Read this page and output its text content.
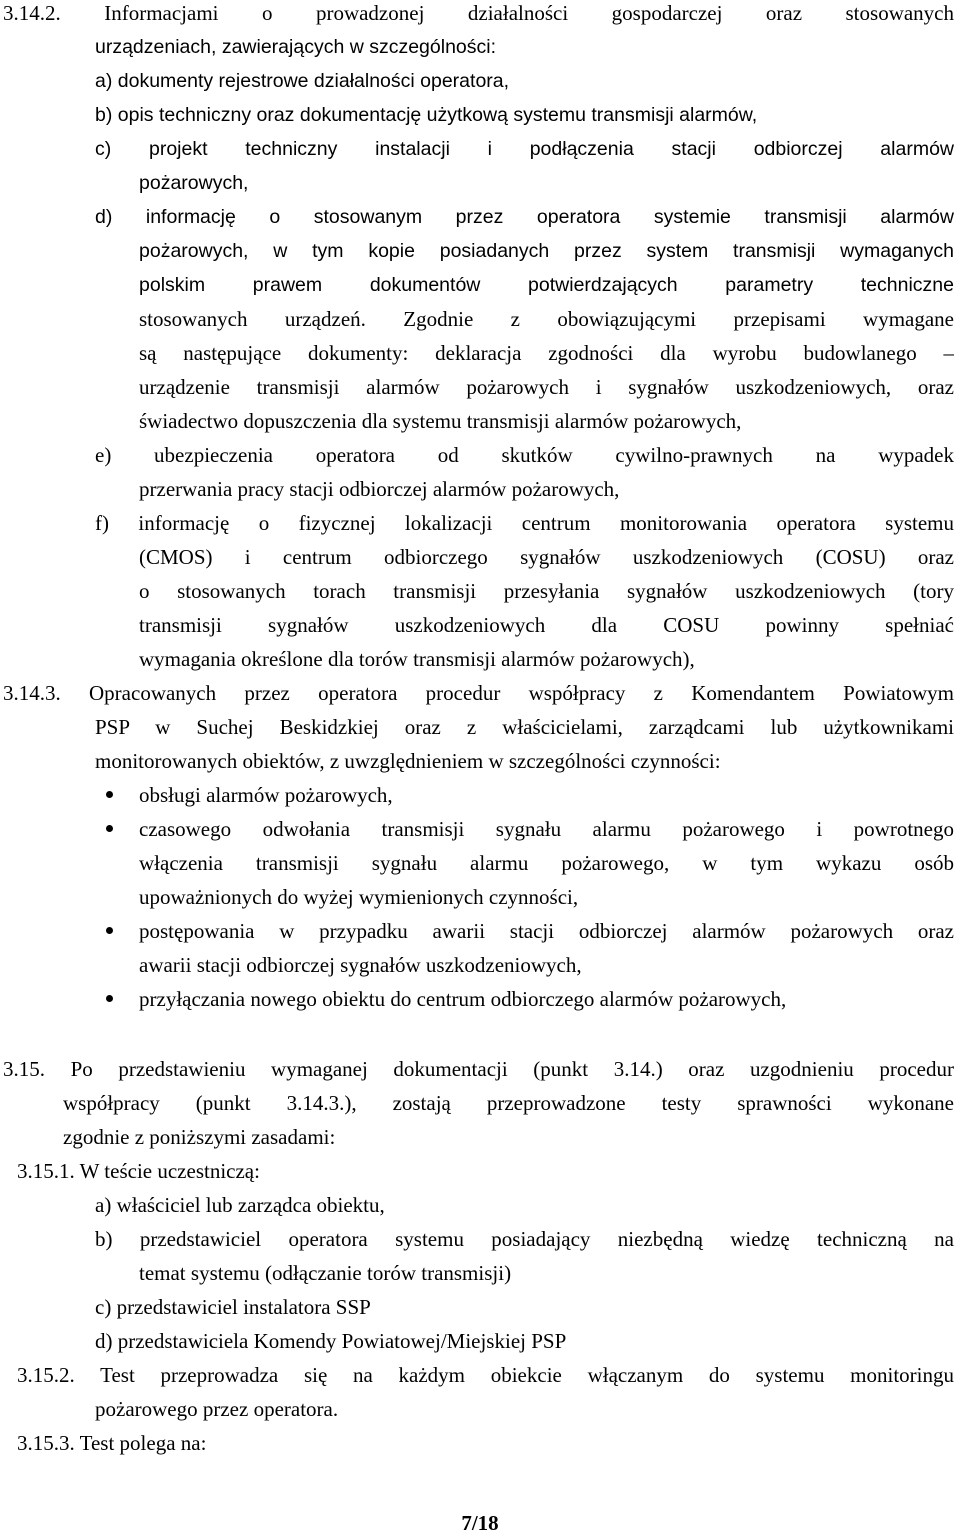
3.14.2. Informacjami o prowadzonej działalności gospodarczej oraz stosowanych
urządzeniach, zawierających w szczególności:
a) dokumenty rejestrowe działalności operatora,
b) opis techniczny oraz dokumentację użytkową systemu transmisji alarmów,
c) projekt techniczny instalacji i podłączenia stacji odbiorczej alarmów
pożarowych,
d) informację o stosowanym przez operatora systemie transmisji alarmów
pożarowych, w tym kopie posiadanych przez system transmisji wymaganych
polskim prawem dokumentów potwierdzających parametry techniczne
stosowanych urządzeń. Zgodnie z obowiązującymi przepisami wymagane
są następujące dokumenty: deklaracja zgodności dla wyrobu budowlanego –
urządzenie transmisji alarmów pożarowych i sygnałów uszkodzeniowych, oraz
świadectwo dopuszczenia dla systemu transmisji alarmów pożarowych,
e) ubezpieczenia operatora od skutków cywilno-prawnych na wypadek
przerwania pracy stacji odbiorczej alarmów pożarowych,
f) informację o fizycznej lokalizacji centrum monitorowania operatora systemu
(CMOS) i centrum odbiorczego sygnałów uszkodzeniowych (COSU) oraz
o stosowanych torach transmisji przesyłania sygnałów uszkodzeniowych (tory
transmisji sygnałów uszkodzeniowych dla COSU powinny spełniać
wymagania określone dla torów transmisji alarmów pożarowych),
3.14.3. Opracowanych przez operatora procedur współpracy z Komendantem Powiatowym
PSP w Suchej Beskidzkiej oraz z właścicielami, zarządcami lub użytkownikami
monitorowanych obiektów, z uwzględnieniem w szczególności czynności:
obsługi alarmów pożarowych,
czasowego odwołania transmisji sygnału alarmu pożarowego i powrotnego
włączenia transmisji sygnału alarmu pożarowego, w tym wykazu osób
upoważnionych do wyżej wymienionych czynności,
postępowania w przypadku awarii stacji odbiorczej alarmów pożarowych oraz
awarii stacji odbiorczej sygnałów uszkodzeniowych,
przyłączania nowego obiektu do centrum odbiorczego alarmów pożarowych,
3.15. Po przedstawieniu wymaganej dokumentacji (punkt 3.14.) oraz uzgodnieniu procedur
współpracy (punkt 3.14.3.), zostają przeprowadzone testy sprawności wykonane
zgodnie z poniższymi zasadami:
3.15.1. W teście uczestniczą:
a) właściciel lub zarządca obiektu,
b) przedstawiciel operatora systemu posiadający niezbędną wiedzę techniczną na
temat systemu (odłączanie torów transmisji)
c) przedstawiciel instalatora SSP
d) przedstawiciela Komendy Powiatowej/Miejskiej PSP
3.15.2. Test przeprowadza się na każdym obiekcie włączanym do systemu monitoringu
pożarowego przez operatora.
3.15.3. Test polega na:
7/18
